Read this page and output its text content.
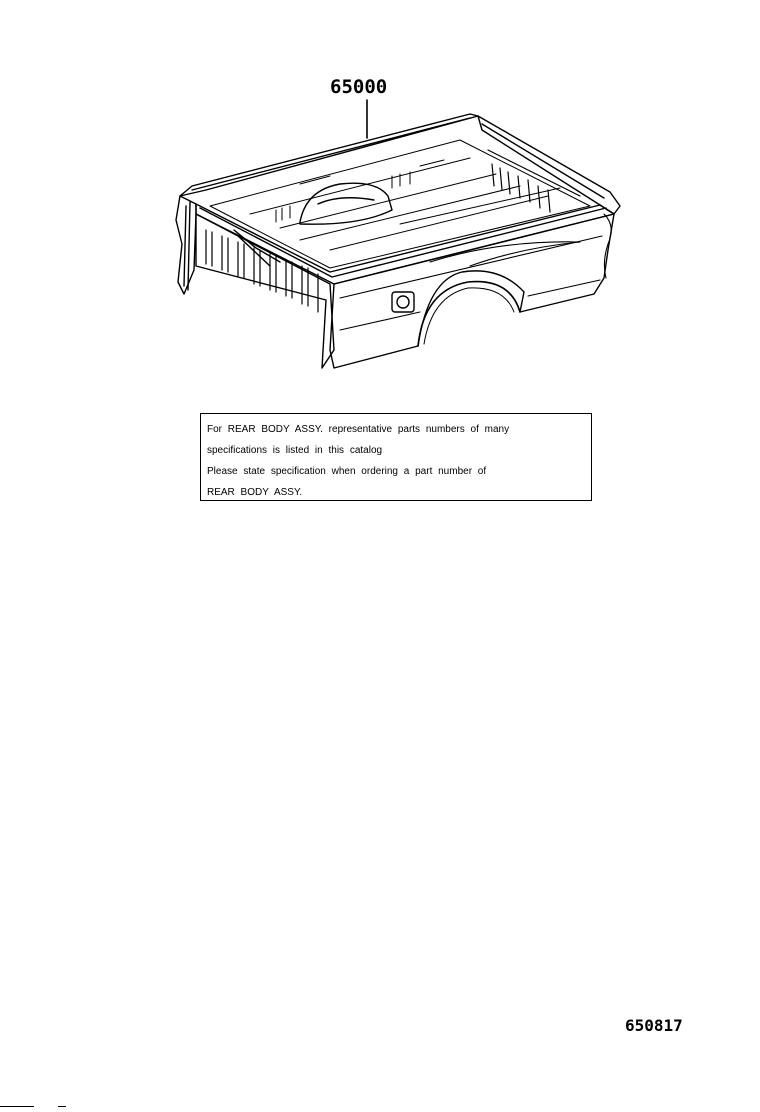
65000
For REAR BODY ASSY. representative parts numbers of many
specifications is listed in this catalog
Please state specification when ordering a part number of
REAR BODY ASSY.
650817
